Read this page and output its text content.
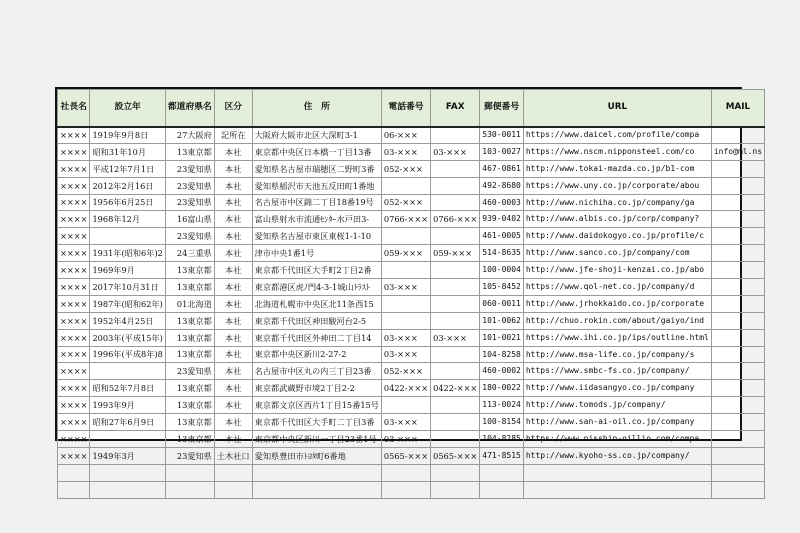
社長名	設立年	都道府県名	区分	住　所	電話番号	FAX	郵便番号	URL	MAIL
××××	1919年9月8日	27大阪府	記所在	大阪府大阪市北区大深町3-1	06-×××		530-0011	https://www.daicel.com/profile/compa	
××××	昭和31年10月	13東京都	本社	東京都中央区日本橋一丁目13番	03-×××	03-×××	103-0027	https://www.nscm.nipponsteel.com/co	info@ml.ns
××××	平成12年7月1日	23愛知県	本社	愛知県名古屋市瑞穂区二野町3番	052-×××		467-0861	http://www.tokai-mazda.co.jp/b1-com	
××××	2012年2月16日	23愛知県	本社	愛知県稲沢市天池五反田町1番地			492-8680	https://www.uny.co.jp/corporate/abou	
××××	1956年6月25日	23愛知県	本社	名古屋市中区錦二丁目18番19号	052-×××		460-0003	http://www.nichiha.co.jp/company/ga	
××××	1968年12月	16富山県	本社	富山県射水市流通ｾﾝﾀｰ水戸田3-	0766-×××	0766-×××	939-0402	http://www.albis.co.jp/corp/company?	
××××		23愛知県	本社	愛知県名古屋市東区東桜1-1-10			461-0005	http://www.daidokogyo.co.jp/profile/c	
××××	1931年(昭和6年)2	24三重県	本社	津市中央1番1号	059-×××	059-×××	514-8635	http://www.sanco.co.jp/company/com	
××××	1969年9月	13東京都	本社	東京都千代田区大手町2丁目2番			100-0004	http://www.jfe-shoji-kenzai.co.jp/abo	
××××	2017年10月31日	13東京都	本社	東京都港区虎ﾉ門4-3-1城山ﾄﾗｽﾄ	03-×××		105-8452	https://www.qol-net.co.jp/company/d	
××××	1987年(昭和62年)	01北海道	本社	北海道札幌市中央区北11条西15			060-0011	http://www.jrhokkaido.co.jp/corporate	
××××	1952年4月25日	13東京都	本社	東京都千代田区神田駿河台2-5			101-0062	http://chuo.rokin.com/about/gaiyo/ind	
××××	2003年(平成15年)	13東京都	本社	東京都千代田区外神田二丁目14	03-×××	03-×××	101-0021	https://www.ihi.co.jp/ips/outline.html	
××××	1996年(平成8年)8	13東京都	本社	東京都中央区新川2-27-2	03-×××		104-8258	http://www.msa-life.co.jp/company/s	
××××		23愛知県	本社	名古屋市中区丸の内三丁目23番	052-×××		460-0002	https://www.smbc-fs.co.jp/company/	
××××	昭和52年7月8日	13東京都	本社	東京都武蔵野市境2丁目2-2	0422-×××	0422-×××	180-0022	http://www.iidasangyo.co.jp/company	
××××	1993年9月	13東京都	本社	東京都文京区西片1丁目15番15号			113-0024	http://www.tomods.jp/company/	
××××	昭和27年6月9日	13東京都	本社	東京都千代田区大手町二丁目3番	03-×××		100-8154	http://www.san-ai-oil.co.jp/company	
××××		13東京都	本社	東京都中央区新川一丁目23番1号	03-×××		104-8285	https://www.nisshin-oillio.com/compa	
××××	1949年3月	23愛知県	土木社口	愛知県豊田市ﾄﾖﾀ町6番地	0565-×××	0565-×××	471-8515	http://www.kyoho-ss.co.jp/company/	
